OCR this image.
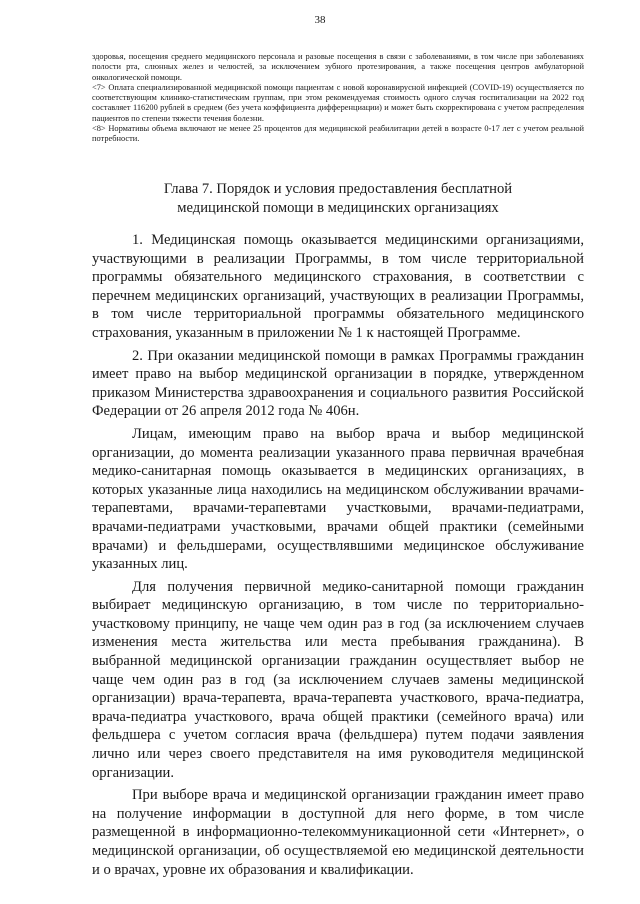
38

здоровья, посещения среднего медицинского персонала и разовые посещения в связи с заболеваниями, в том числе при заболеваниях полости рта, слюнных желез и челюстей, за исключением зубного протезирования, а также посещения центров амбулаторной онкологической помощи.

<7> Оплата специализированной медицинской помощи пациентам с новой коронавирусной инфекцией (COVID-19) осуществляется по соответствующим клинико-статистическим группам, при этом рекомендуемая стоимость одного случая госпитализации на 2022 год составляет 116200 рублей в среднем (без учета коэффициента дифференциации) и может быть скорректирована с учетом распределения пациентов по степени тяжести течения болезни.

<8> Нормативы объема включают не менее 25 процентов для медицинской реабилитации детей в возрасте 0-17 лет с учетом реальной потребности.

Глава 7. Порядок и условия предоставления бесплатной
медицинской помощи в медицинских организациях

1. Медицинская помощь оказывается медицинскими организациями, участвующими в реализации Программы, в том числе территориальной программы обязательного медицинского страхования, в соответствии с перечнем медицинских организаций, участвующих в реализации Программы, в том числе территориальной программы обязательного медицинского страхования, указанным в приложении № 1 к настоящей Программе.

2. При оказании медицинской помощи в рамках Программы гражданин имеет право на выбор медицинской организации в порядке, утвержденном приказом Министерства здравоохранения и социального развития Российской Федерации от 26 апреля 2012 года № 406н.

Лицам, имеющим право на выбор врача и выбор медицинской организации, до момента реализации указанного права первичная врачебная медико-санитарная помощь оказывается в медицинских организациях, в которых указанные лица находились на медицинском обслуживании врачами-терапевтами, врачами-терапевтами участковыми, врачами-педиатрами, врачами-педиатрами участковыми, врачами общей практики (семейными врачами) и фельдшерами, осуществлявшими медицинское обслуживание указанных лиц.

Для получения первичной медико-санитарной помощи гражданин выбирает медицинскую организацию, в том числе по территориально-участковому принципу, не чаще чем один раз в год (за исключением случаев изменения места жительства или места пребывания гражданина). В выбранной медицинской организации гражданин осуществляет выбор не чаще чем один раз в год (за исключением случаев замены медицинской организации) врача-терапевта, врача-терапевта участкового, врача-педиатра, врача-педиатра участкового, врача общей практики (семейного врача) или фельдшера с учетом согласия врача (фельдшера) путем подачи заявления лично или через своего представителя на имя руководителя медицинской организации.

При выборе врача и медицинской организации гражданин имеет право на получение информации в доступной для него форме, в том числе размещенной в информационно-телекоммуникационной сети «Интернет», о медицинской организации, об осуществляемой ею медицинской деятельности и о врачах, уровне их образования и квалификации.
